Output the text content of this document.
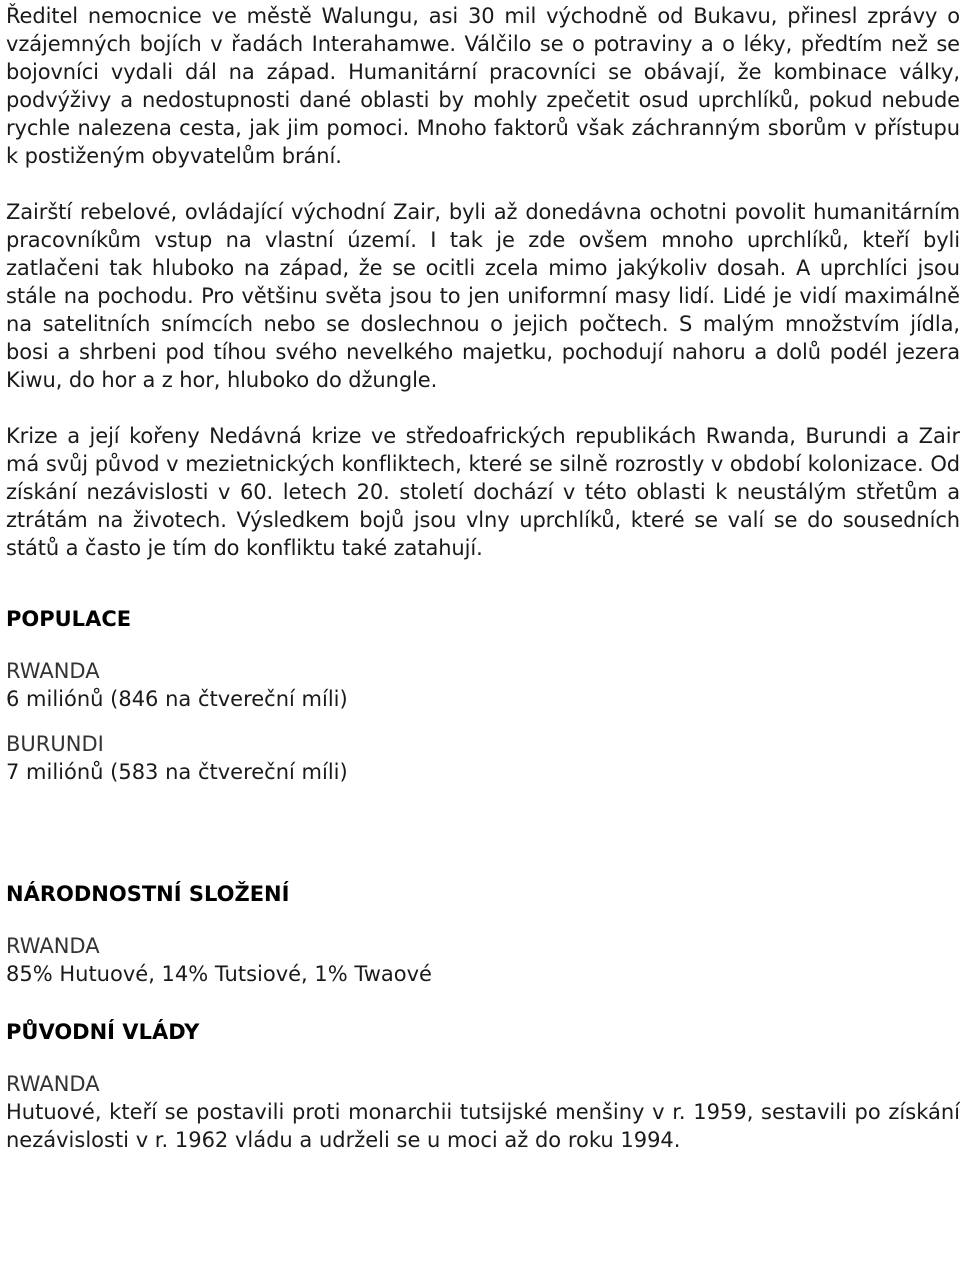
Ředitel nemocnice ve městě Walungu, asi 30 mil východně od Bukavu, přinesl zprávy o vzájemných bojích v řadách Interahamwe. Válčilo se o potraviny a o léky, předtím než se bojovníci vydali dál na západ. Humanitární pracovníci se obávají, že kombinace války, podvýživy a nedostupnosti dané oblasti by mohly zpečetit osud uprchlíků, pokud nebude rychle nalezena cesta, jak jim pomoci. Mnoho faktorů však záchranným sborům v přístupu k postiženým obyvatelům brání.

Zairští rebelové, ovládající východní Zair, byli až donedávna ochotni povolit humanitárním pracovníkům vstup na vlastní území. I tak je zde ovšem mnoho uprchlíků, kteří byli zatlačeni tak hluboko na západ, že se ocitli zcela mimo jakýkoliv dosah. A uprchlíci jsou stále na pochodu. Pro většinu světa jsou to jen uniformní masy lidí. Lidé je vidí maximálně na satelitních snímcích nebo se doslechnou o jejich počtech. S malým množstvím jídla, bosi a shrbeni pod tíhou svého nevelkého majetku, pochodují nahoru a dolů podél jezera Kiwu, do hor a z hor, hluboko do džungle.

Krize a její kořeny Nedávná krize ve středoafrických republikách Rwanda, Burundi a Zair má svůj původ v mezietnických konfliktech, které se silně rozrostly v období kolonizace. Od získání nezávislosti v 60. letech 20. století dochází v této oblasti k neustálým střetům a ztrátám na životech. Výsledkem bojů jsou vlny uprchlíků, které se valí se do sousedních států a často je tím do konfliktu také zatahují.

POPULACE

RWANDA

6 miliónů (846 na čtvereční míli)

BURUNDI

7 miliónů (583 na čtvereční míli)

NÁRODNOSTNÍ SLOŽENÍ

RWANDA

85% Hutuové, 14% Tutsiové, 1% Twaové

PŮVODNÍ VLÁDY

RWANDA

Hutuové, kteří se postavili proti monarchii tutsijské menšiny v r. 1959, sestavili po získání nezávislosti v r. 1962 vládu a udrželi se u moci až do roku 1994.
